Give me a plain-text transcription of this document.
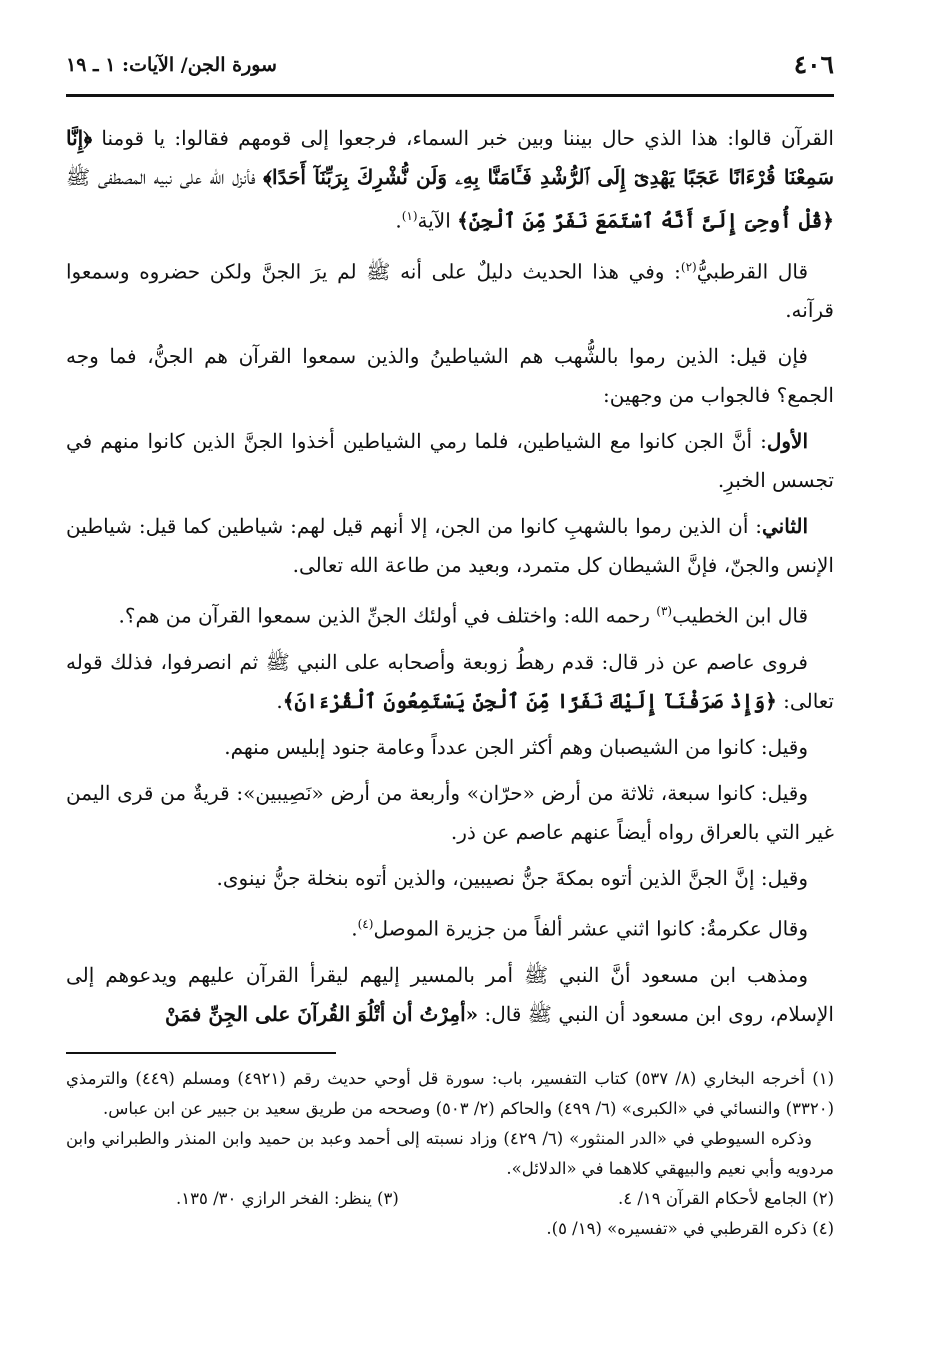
٤٠٦
سورة الجن/ الآيات: ١ ـ ١٩

القرآن قالوا: هذا الذي حال بيننا وبين خبر السماء، فرجعوا إلى قومهم فقالوا: يا قومنا ﴿إِنَّا سَمِعْنَا قُرْءَانًا عَجَبًا يَهْدِىٓ إِلَى ٱلرُّشْدِ فَـَٔامَنَّا بِهِۦ وَلَن نُّشْرِكَ بِرَبِّنَآ أَحَدًا﴾ فأنزل الله على نبيه المصطفى ﷺ ﴿قُلْ أُوحِىَ إِلَىَّ أَنَّهُ ٱسْتَمَعَ نَفَرٌ مِّنَ ٱلْجِنِّ﴾ الآية$^{(١)}$.

قال القرطبيُّ$^{(٢)}$: وفي هذا الحديث دليلٌ على أنه ﷺ لم يرَ الجنَّ ولكن حضروه وسمعوا قرآنه.

فإن قيل: الذين رموا بالشُّهب هم الشياطينُ والذين سمعوا القرآن هم الجنُّ، فما وجه الجمع؟ فالجواب من وجهين:

الأول: أنَّ الجن كانوا مع الشياطين، فلما رمي الشياطين أخذوا الجنَّ الذين كانوا منهم في تجسس الخبرِ.

الثاني: أن الذين رموا بالشهبِ كانوا من الجن، إلا أنهم قيل لهم: شياطين كما قيل: شياطين الإنس والجنّ، فإنَّ الشيطان كل متمرد، وبعيد من طاعة الله تعالى.

قال ابن الخطيب$^{(٣)}$ رحمه الله: واختلف في أولئك الجنِّ الذين سمعوا القرآن من هم؟.

فروى عاصم عن ذر قال: قدم رهطُ زوبعة وأصحابه على النبي ﷺ ثم انصرفوا، فذلك قوله تعالى: ﴿وَإِذْ صَرَفْنَآ إِلَيْكَ نَفَرًا مِّنَ ٱلْجِنِّ يَسْتَمِعُونَ ٱلْقُرْءَانَ﴾.

وقيل: كانوا من الشيصبان وهم أكثر الجن عدداً وعامة جنود إبليس منهم.

وقيل: كانوا سبعة، ثلاثة من أرض «حرّان» وأربعة من أرض «نَصِيبين»: قريةٌ من قرى اليمن غير التي بالعراق رواه أيضاً عنهم عاصم عن ذر.

وقيل: إنَّ الجنَّ الذين أتوه بمكةَ جنُّ نصيبين، والذين أتوه بنخلة جنُّ نينوى.

وقال عكرمةُ: كانوا اثني عشر ألفاً من جزيرة الموصل$^{(٤)}$.

ومذهب ابن مسعود أنَّ النبي ﷺ أمر بالمسير إليهم ليقرأ القرآن عليهم ويدعوهم إلى الإسلام، روى ابن مسعود أن النبي ﷺ قال: «أمِرْتُ أن أتْلُوَ القُرآنَ على الجِنِّ فمَنْ

(١) أخرجه البخاري (٨/ ٥٣٧) كتاب التفسير، باب: سورة قل أوحي حديث رقم (٤٩٢١) ومسلم (٤٤٩) والترمذي (٣٣٢٠) والنسائي في «الكبرى» (٦/ ٤٩٩) والحاكم (٢/ ٥٠٣) وصححه من طريق سعيد بن جبير عن ابن عباس.

وذكره السيوطي في «الدر المنثور» (٦/ ٤٢٩) وزاد نسبته إلى أحمد وعبد بن حميد وابن المنذر والطبراني وابن مردويه وأبي نعيم والبيهقي كلاهما في «الدلائل».

(٢) الجامع لأحكام القرآن ١٩/ ٤.

(٣) ينظر: الفخر الرازي ٣٠/ ١٣٥.

(٤) ذكره القرطبي في «تفسيره» (١٩/ ٥).
